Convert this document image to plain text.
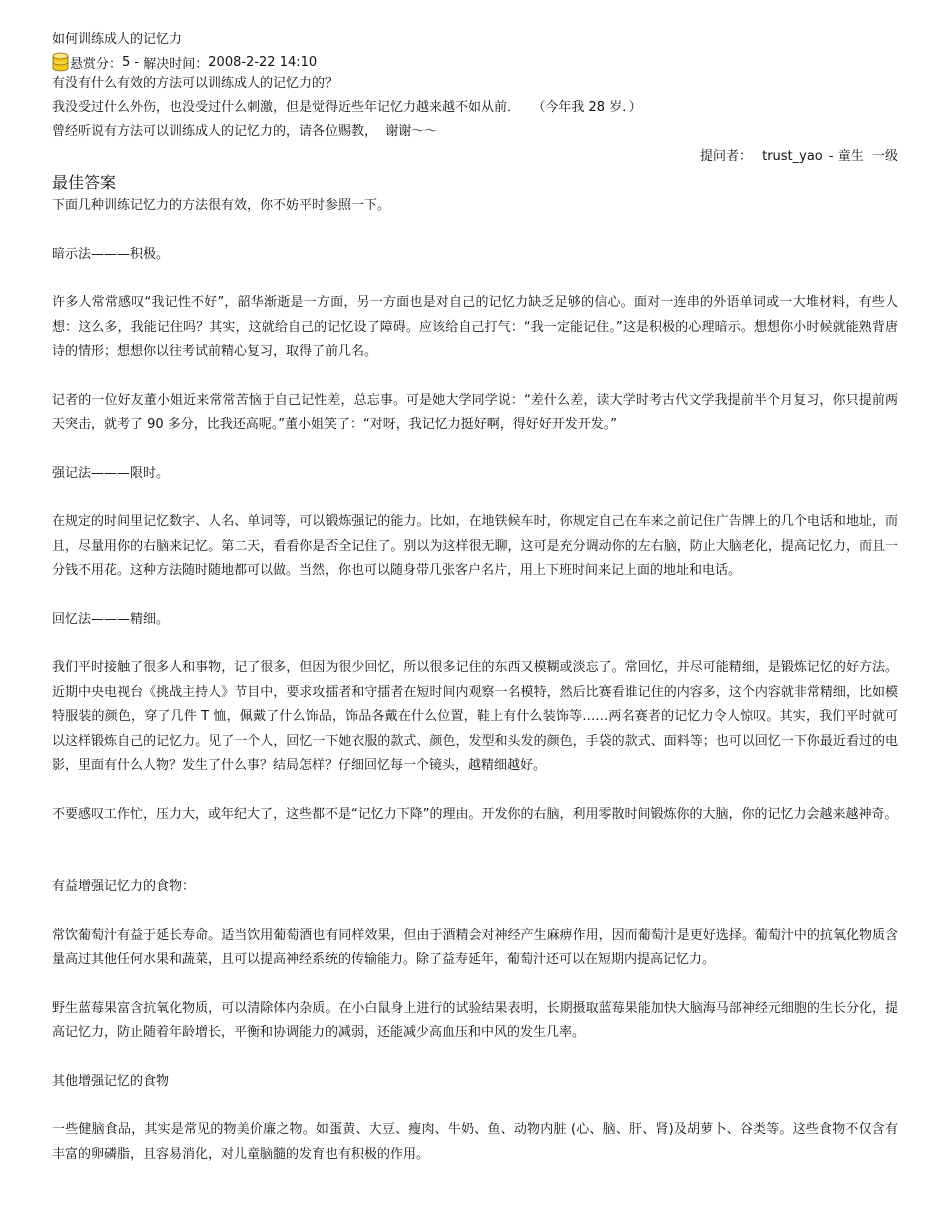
如何训练成人的记忆力
悬赏分： 5 - 解决时间： 2008-2-22 14:10
有没有什么有效的方法可以训练成人的记忆力的？
我没受过什么外伤，也没受过什么刺激，但是觉得近些年记忆力越来越不如从前．   （今年我 28 岁．）
曾经听说有方法可以训练成人的记忆力的，请各位赐教，  谢谢～～
提问者： trust_yao - 童生  一级
最佳答案

下面几种训练记忆力的方法很有效，你不妨平时参照一下。

暗示法———积极。

许多人常常感叹“我记性不好”，韶华渐逝是一方面，另一方面也是对自己的记忆力缺乏足够的信心。面对一连串的外语单词或一大堆材料，有些人想：这么多，我能记住吗？其实，这就给自己的记忆设了障碍。应该给自己打气：“我一定能记住。”这是积极的心理暗示。想想你小时候就能熟背唐诗的情形；想想你以往考试前精心复习，取得了前几名。

记者的一位好友董小姐近来常常苦恼于自己记性差，总忘事。可是她大学同学说：“差什么差，读大学时考古代文学我提前半个月复习，你只提前两天突击，就考了 90 多分，比我还高呢。”董小姐笑了：“对呀，我记忆力挺好啊，得好好开发开发。”

强记法———限时。

在规定的时间里记忆数字、人名、单词等，可以锻炼强记的能力。比如，在地铁候车时，你规定自己在车来之前记住广告牌上的几个电话和地址，而且，尽量用你的右脑来记忆。第二天，看看你是否全记住了。别以为这样很无聊，这可是充分调动你的左右脑，防止大脑老化，提高记忆力，而且一分钱不用花。这种方法随时随地都可以做。当然，你也可以随身带几张客户名片，用上下班时间来记上面的地址和电话。

回忆法———精细。

我们平时接触了很多人和事物，记了很多，但因为很少回忆，所以很多记住的东西又模糊或淡忘了。常回忆，并尽可能精细，是锻炼记忆的好方法。近期中央电视台《挑战主持人》节目中，要求攻擂者和守擂者在短时间内观察一名模特，然后比赛看谁记住的内容多，这个内容就非常精细，比如模特服装的颜色，穿了几件 T 恤，佩戴了什么饰品，饰品各戴在什么位置，鞋上有什么装饰等……两名赛者的记忆力令人惊叹。其实，我们平时就可以这样锻炼自己的记忆力。见了一个人，回忆一下她衣服的款式、颜色，发型和头发的颜色，手袋的款式、面料等；也可以回忆一下你最近看过的电影，里面有什么人物？发生了什么事？结局怎样？仔细回忆每一个镜头，越精细越好。

不要感叹工作忙，压力大，或年纪大了，这些都不是“记忆力下降”的理由。开发你的右脑，利用零散时间锻炼你的大脑，你的记忆力会越来越神奇。

有益增强记忆力的食物：

常饮葡萄汁有益于延长寿命。适当饮用葡萄酒也有同样效果，但由于酒精会对神经产生麻痹作用，因而葡萄汁是更好选择。葡萄汁中的抗氧化物质含量高过其他任何水果和蔬菜，且可以提高神经系统的传输能力。除了益寿延年，葡萄汁还可以在短期内提高记忆力。

野生蓝莓果富含抗氧化物质，可以清除体内杂质。在小白鼠身上进行的试验结果表明，长期摄取蓝莓果能加快大脑海马部神经元细胞的生长分化，提高记忆力，防止随着年龄增长，平衡和协调能力的减弱，还能减少高血压和中风的发生几率。

其他增强记忆的食物

一些健脑食品，其实是常见的物美价廉之物。如蛋黄、大豆、瘦肉、牛奶、鱼、动物内脏 (心、脑、肝、肾)及胡萝卜、谷类等。这些食物不仅含有丰富的卵磷脂，且容易消化，对儿童脑髓的发育也有积极的作用。
